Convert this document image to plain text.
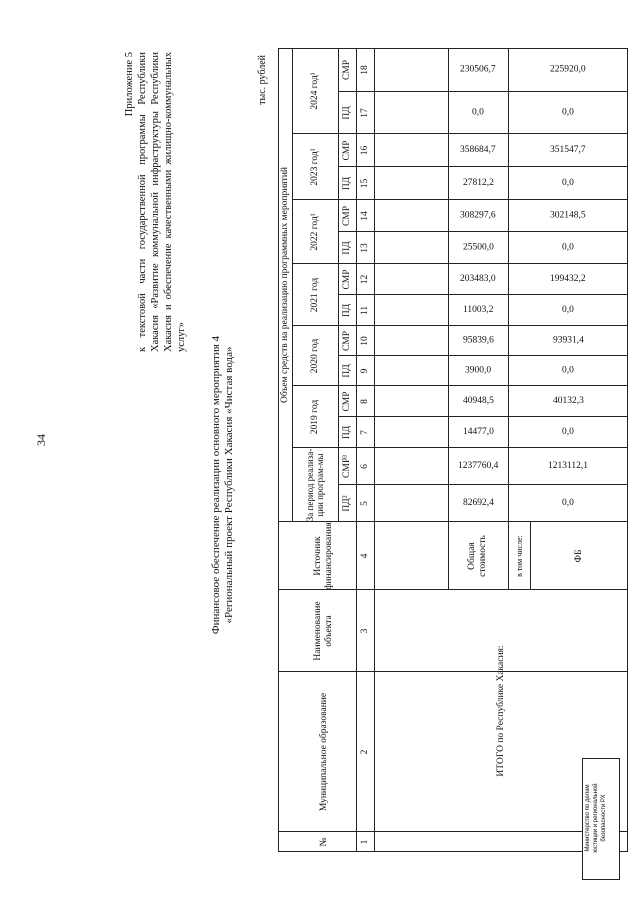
34
Приложение 5 к текстовой части государственной программы Республики Хакасия «Развитие коммунальной инфраструктуры Республики Хакасия и обеспечение качественными жилищно-коммунальных услуг» Финансовое обеспечение реализации основного мероприятия 4 «Региональный проект Республики Хакасия «Чистая вода»
тыс. рублей
№
Муниципальное образование
Наименование объекта
Источник финансирования
Объем средств на реализацию программных мероприятий
За период реализа-ции програм-мы
2019 год
2020 год
2021 год
2022 год¹
2023 год¹
2024 год¹
ПД²
СМР³
ПД
СМР
ПД
СМР
ПД
СМР
ПД
СМР
ПД
СМР
ПД
СМР
1
2
3
4
5
6
7
8
9
10
11
12
13
14
15
16
17
18
ИТОГО по Республике Хакасия:
Общая стоимость	в том числе:	ФБ
82692,4
1237760,4
14477,0
40948,5
3900,0
95839,6
11003,2
203483,0
25500,0
308297,6
27812,2
358684,7
0,0
230506,7
0,0
1213112,1
0,0
40132,3
0,0
93931,4
0,0
199432,2
0,0
302148,5
0,0
351547,7
0,0
225920,0
Министерство по делам юстиции и региональной безопасности РХ
